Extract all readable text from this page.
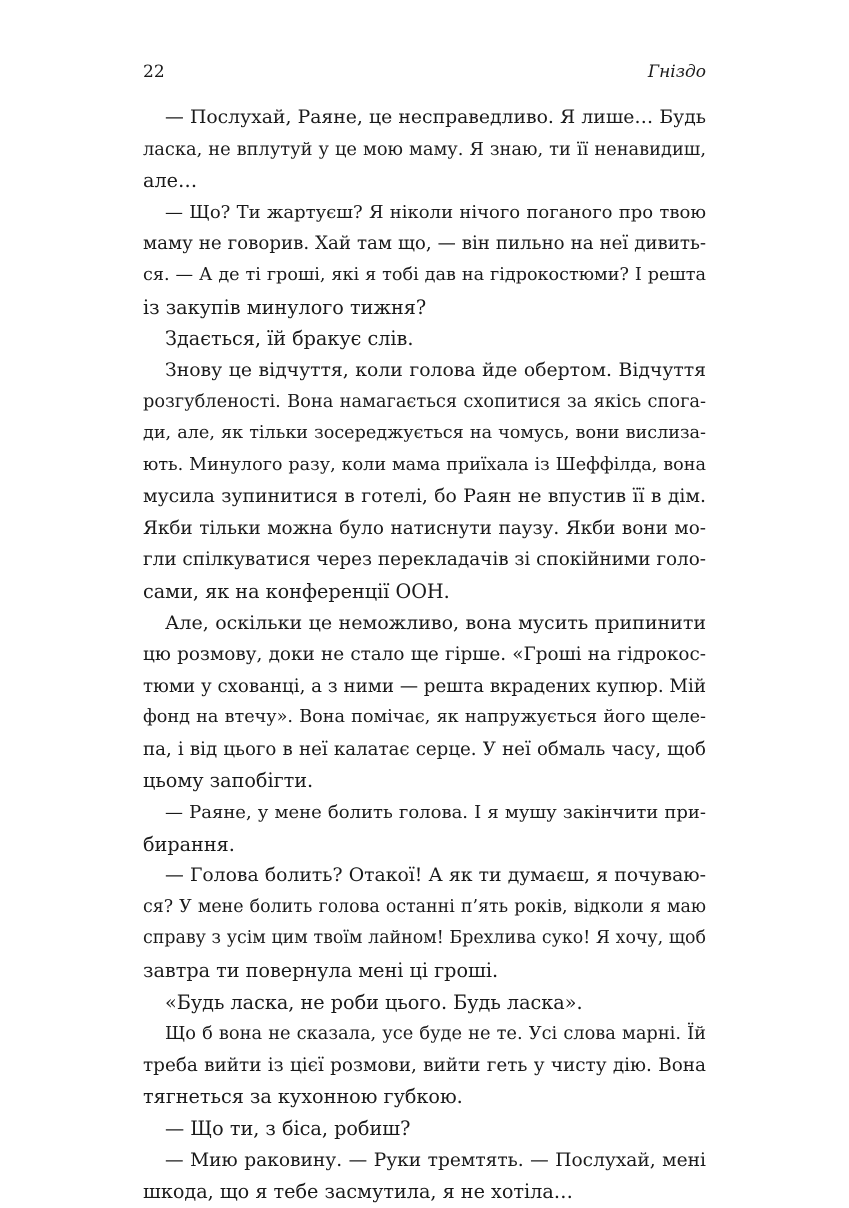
22	Гніздо
— Послухай, Раяне, це несправедливо. Я лише… Будь
ласка, не вплутуй у це мою маму. Я знаю, ти її ненавидиш,
але…
— Що? Ти жартуєш? Я ніколи нічого поганого про твою
маму не говорив. Хай там що, — він пильно на неї дивить-
ся. — А де ті гроші, які я тобі дав на гідрокостюми? І решта
із закупів минулого тижня?
Здається, їй бракує слів.
Знову це відчуття, коли голова йде обертом. Відчуття
розгубленості. Вона намагається схопитися за якісь спога-
ди, але, як тільки зосереджується на чомусь, вони вислиза-
ють. Минулого разу, коли мама приїхала із Шеффілда, вона
мусила зупинитися в готелі, бо Раян не впустив її в дім.
Якби тільки можна було натиснути паузу. Якби вони мо-
гли спілкуватися через перекладачів зі спокійними голо-
сами, як на конференції ООН.
Але, оскільки це неможливо, вона мусить припинити
цю розмову, доки не стало ще гірше. «Гроші на гідрокос-
тюми у схованці, а з ними — решта вкрадених купюр. Мій
фонд на втечу». Вона помічає, як напружується його щеле-
па, і від цього в неї калатає серце. У неї обмаль часу, щоб
цьому запобігти.
— Раяне, у мене болить голова. І я мушу закінчити при-
бирання.
— Голова болить? Отакої! А як ти думаєш, я почуваю-
ся? У мене болить голова останні п’ять років, відколи я маю
справу з усім цим твоїм лайном! Брехлива суко! Я хочу, щоб
завтра ти повернула мені ці гроші.
«Будь ласка, не роби цього. Будь ласка».
Що б вона не сказала, усе буде не те. Усі слова марні. Їй
треба вийти із цієї розмови, вийти геть у чисту дію. Вона
тягнеться за кухонною губкою.
— Що ти, з біса, робиш?
— Мию раковину. — Руки тремтять. — Послухай, мені
шкода, що я тебе засмутила, я не хотіла…
